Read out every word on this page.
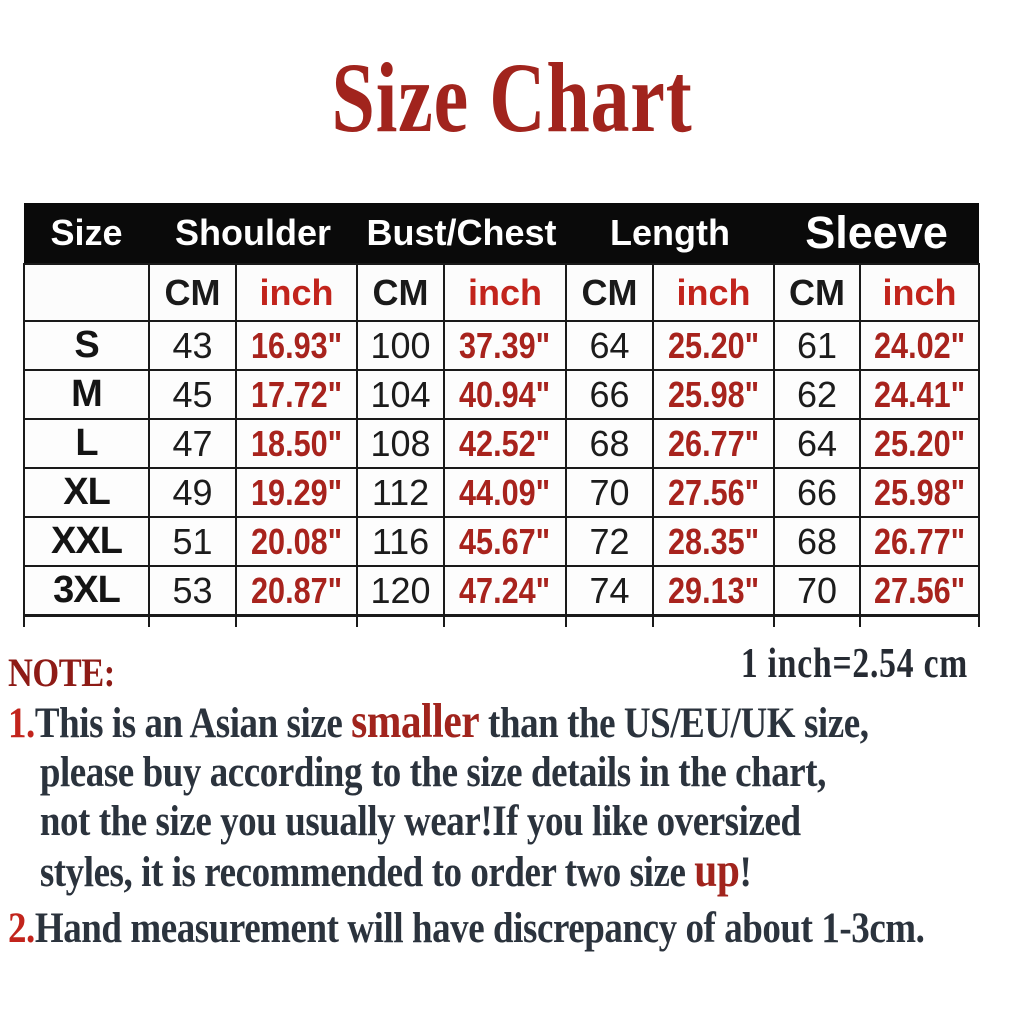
Size Chart
Size	Shoulder		Bust/Chest		Length		Sleeve	
	CM	inch	CM	inch	CM	inch	CM	inch
S	43	16.93"	100	37.39"	64	25.20"	61	24.02"
M	45	17.72"	104	40.94"	66	25.98"	62	24.41"
L	47	18.50"	108	42.52"	68	26.77"	64	25.20"
XL	49	19.29"	112	44.09"	70	27.56"	66	25.98"
XXL	51	20.08"	116	45.67"	72	28.35"	68	26.77"
3XL	53	20.87"	120	47.24"	74	29.13"	70	27.56"

1 inch=2.54 cm
NOTE:
1.This is an Asian size smaller than the US/EU/UK size,
please buy according to the size details in the chart,
not the size you usually wear!If you like oversized
styles, it is recommended to order two size up!
2.Hand measurement will have discrepancy of about 1-3cm.
